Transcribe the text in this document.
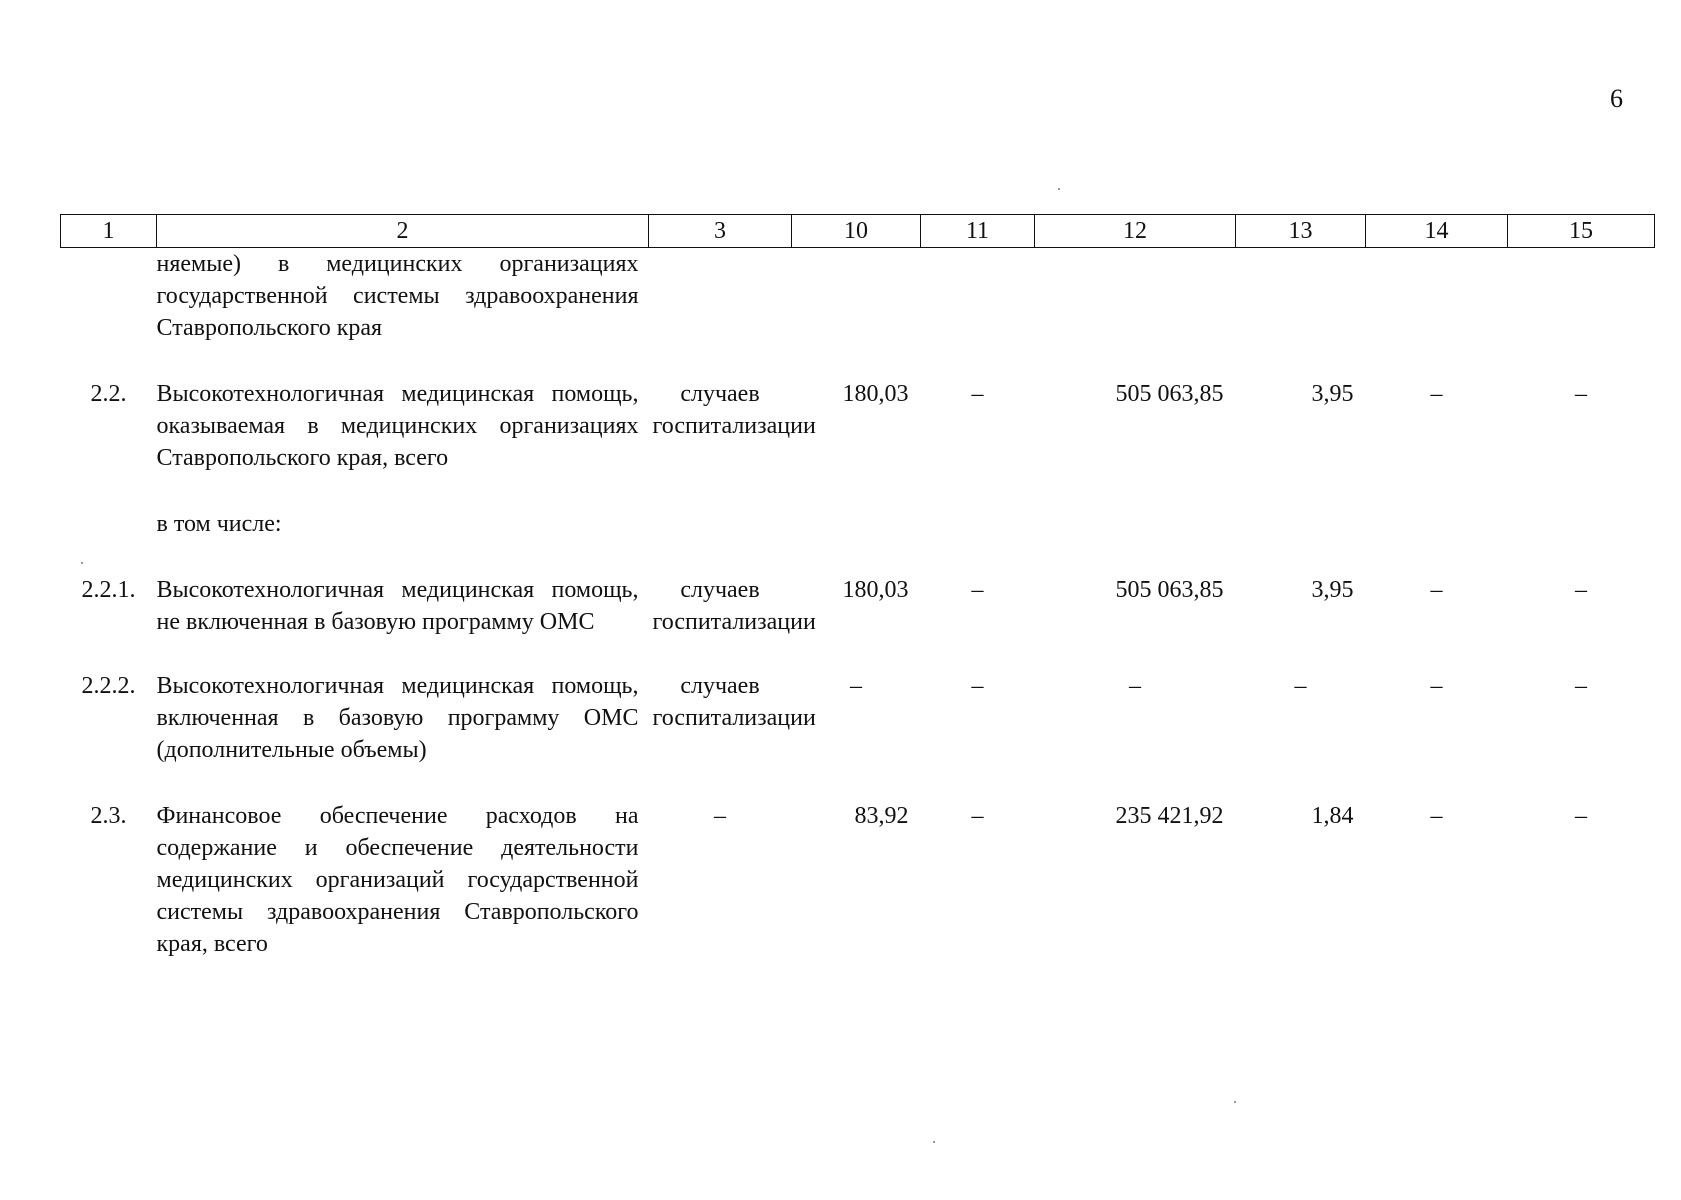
6
1	2	3	10	11	12	13	14	15
	няемые) в медицинских организациях государственной системы здравоохранения Ставропольского края							
2.2.	Высокотехнологичная медицинская помощь, оказываемая в медицинских организациях Ставропольского края, всего	случаев госпитализации	180,03	–	505 063,85	3,95	–	–
	в том числе:							
2.2.1.	Высокотехнологичная медицинская помощь, не включенная в базовую программу ОМС	случаев госпитализации	180,03	–	505 063,85	3,95	–	–
2.2.2.	Высокотехнологичная медицинская помощь, включенная в базовую программу ОМС (дополнительные объемы)	случаев госпитализации	–	–	–	–	–	–
2.3.	Финансовое обеспечение расходов на содержание и обеспечение деятельности медицинских организаций государственной системы здравоохранения Ставропольского края, всего	–	83,92	–	235 421,92	1,84	–	–
